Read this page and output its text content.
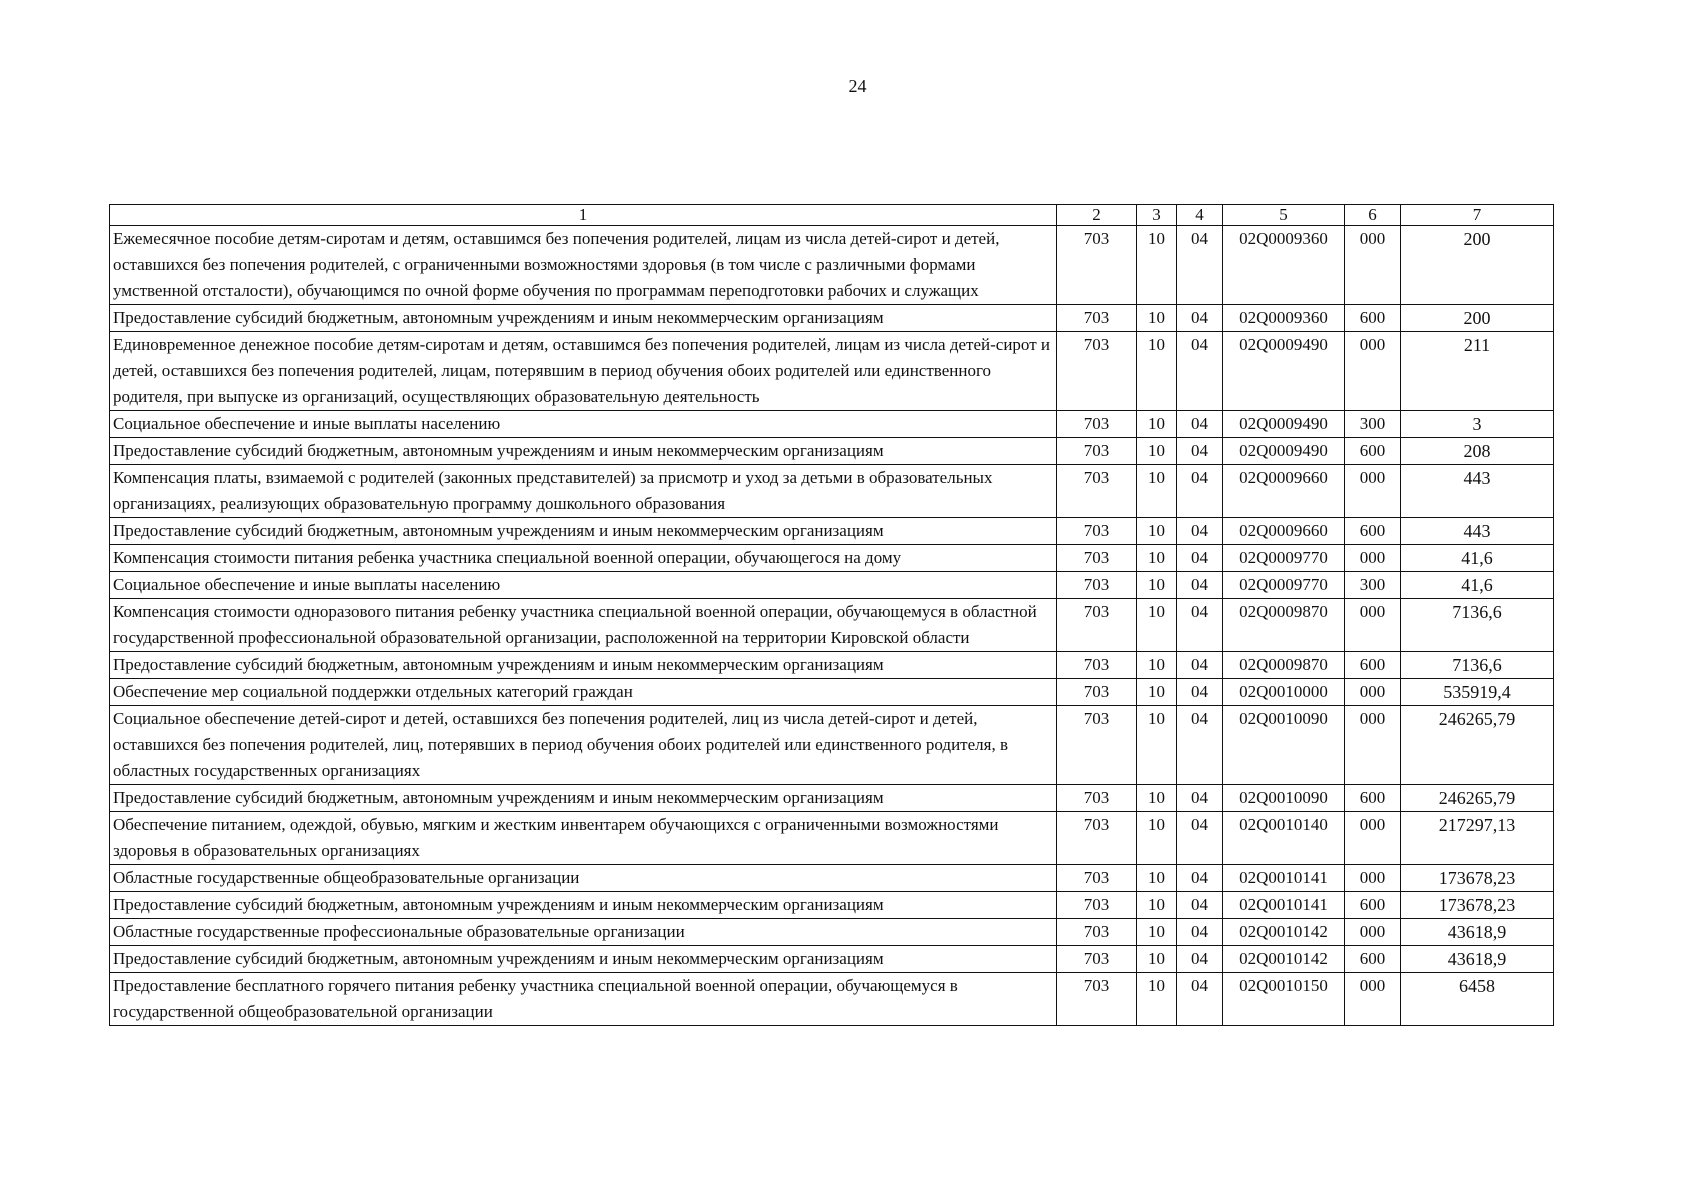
24
1	2	3	4	5	6	7
Ежемесячное пособие детям-сиротам и детям, оставшимся без попечения родителей, лицам из числа детей-сирот и детей, оставшихся без попечения родителей, с ограниченными возможностями здоровья (в том числе с различными формами умственной отсталости), обучающимся по очной форме обучения по программам переподготовки рабочих и служащих	703	10	04	02Q0009360	000	200
Предоставление субсидий бюджетным, автономным учреждениям и иным некоммерческим организациям	703	10	04	02Q0009360	600	200
Единовременное денежное пособие детям-сиротам и детям, оставшимся без попечения родителей, лицам из числа детей-сирот и детей, оставшихся без попечения родителей, лицам, потерявшим в период обучения обоих родителей или единственного родителя, при выпуске из организаций, осуществляющих образовательную деятельность	703	10	04	02Q0009490	000	211
Социальное обеспечение и иные выплаты населению	703	10	04	02Q0009490	300	3
Предоставление субсидий бюджетным, автономным учреждениям и иным некоммерческим организациям	703	10	04	02Q0009490	600	208
Компенсация платы, взимаемой с родителей (законных представителей) за присмотр и уход за детьми в образовательных организациях, реализующих образовательную программу дошкольного образования	703	10	04	02Q0009660	000	443
Предоставление субсидий бюджетным, автономным учреждениям и иным некоммерческим организациям	703	10	04	02Q0009660	600	443
Компенсация стоимости питания ребенка участника специальной военной операции, обучающегося на дому	703	10	04	02Q0009770	000	41,6
Социальное обеспечение и иные выплаты населению	703	10	04	02Q0009770	300	41,6
Компенсация стоимости одноразового питания ребенку участника специальной военной операции, обучающемуся в областной государственной профессиональной образовательной организации, расположенной на территории Кировской области	703	10	04	02Q0009870	000	7136,6
Предоставление субсидий бюджетным, автономным учреждениям и иным некоммерческим организациям	703	10	04	02Q0009870	600	7136,6
Обеспечение мер социальной поддержки отдельных категорий граждан	703	10	04	02Q0010000	000	535919,4
Социальное обеспечение детей-сирот и детей, оставшихся без попечения родителей, лиц из числа детей-сирот и детей, оставшихся без попечения родителей, лиц, потерявших в период обучения обоих родителей или единственного родителя, в областных государственных организациях	703	10	04	02Q0010090	000	246265,79
Предоставление субсидий бюджетным, автономным учреждениям и иным некоммерческим организациям	703	10	04	02Q0010090	600	246265,79
Обеспечение питанием, одеждой, обувью, мягким и жестким инвентарем обучающихся с ограниченными возможностями здоровья в образовательных организациях	703	10	04	02Q0010140	000	217297,13
Областные государственные общеобразовательные организации	703	10	04	02Q0010141	000	173678,23
Предоставление субсидий бюджетным, автономным учреждениям и иным некоммерческим организациям	703	10	04	02Q0010141	600	173678,23
Областные государственные профессиональные образовательные организации	703	10	04	02Q0010142	000	43618,9
Предоставление субсидий бюджетным, автономным учреждениям и иным некоммерческим организациям	703	10	04	02Q0010142	600	43618,9
Предоставление бесплатного горячего питания ребенку участника специальной военной операции, обучающемуся в государственной общеобразовательной организации	703	10	04	02Q0010150	000	6458
